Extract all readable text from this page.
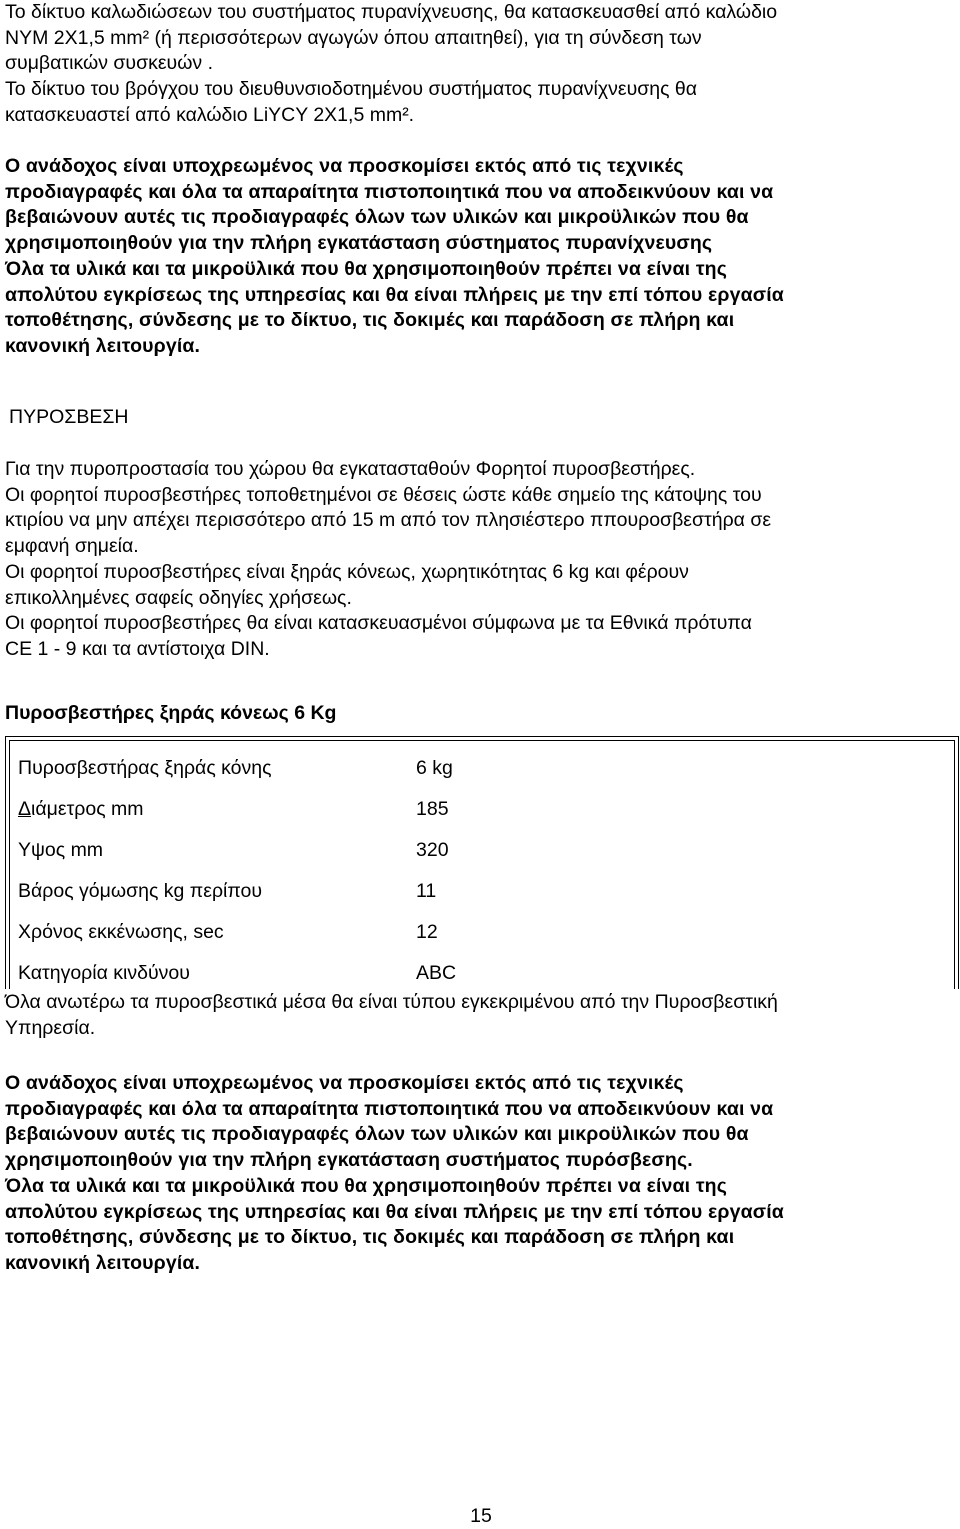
Το δίκτυο καλωδιώσεων του συστήματος πυρανίχνευσης, θα κατασκευασθεί από καλώδιο

NYM 2X1,5 mm² (ή περισσότερων αγωγών όπου απαιτηθεί), για τη σύνδεση των

συμβατικών συσκευών .

Το δίκτυο του βρόγχου του διευθυνσιοδοτημένου συστήματος πυρανίχνευσης θα

κατασκευαστεί από καλώδιο LiYCY 2X1,5 mm².

Ο ανάδοχος είναι υποχρεωμένος να προσκομίσει εκτός από τις τεχνικές

προδιαγραφές και όλα τα απαραίτητα πιστοποιητικά που να αποδεικνύουν και να

βεβαιώνουν αυτές τις προδιαγραφές όλων των υλικών και μικροϋλικών που θα

χρησιμοποιηθούν για την πλήρη εγκατάσταση σύστηματος πυρανίχνευσης

Όλα τα υλικά και τα μικροϋλικά που θα χρησιμοποιηθούν πρέπει να είναι της

απολύτου εγκρίσεως της υπηρεσίας και θα είναι πλήρεις με την επί τόπου εργασία

τοποθέτησης, σύνδεσης με το δίκτυο, τις δοκιμές και παράδοση σε πλήρη και

κανονική λειτουργία.

ΠΥΡΟΣΒΕΣΗ

Για την πυροπροστασία του χώρου θα εγκατασταθούν Φορητοί πυροσβεστήρες.

Οι φορητοί πυροσβεστήρες τοποθετημένοι σε θέσεις ώστε κάθε σημείο της κάτοψης του

κτιρίου να μην απέχει περισσότερο από 15 m από τον πλησιέστερο ππουροσβεστήρα σε

εμφανή σημεία.

Οι φορητοί πυροσβεστήρες είναι ξηράς κόνεως, χωρητικότητας 6 kg και φέρουν

επικολλημένες σαφείς οδηγίες χρήσεως.

Οι φορητοί πυροσβεστήρες θα είναι κατασκευασμένοι σύμφωνα με τα Εθνικά πρότυπα

CE 1 - 9 και τα αντίστοιχα DIN.

Πυροσβεστήρες ξηράς κόνεως 6 Kg
Πυροσβεστήρας ξηράς κόνης	6 kg
Διάμετρος mm	185
Υψος mm	320
Βάρος γόμωσης kg περίπου	11
Χρόνος εκκένωσης, sec	12
Κατηγορία κινδύνου	ABC

Όλα ανωτέρω τα πυροσβεστικά μέσα θα είναι τύπου εγκεκριμένου από την Πυροσβεστική

Υπηρεσία.

Ο ανάδοχος είναι υποχρεωμένος να προσκομίσει εκτός από τις τεχνικές

προδιαγραφές και όλα τα απαραίτητα πιστοποιητικά που να αποδεικνύουν και να

βεβαιώνουν αυτές τις προδιαγραφές όλων των υλικών και μικροϋλικών που θα

χρησιμοποιηθούν για την πλήρη εγκατάσταση συστήματος πυρόσβεσης.

Όλα τα υλικά και τα μικροϋλικά που θα χρησιμοποιηθούν πρέπει να είναι της

απολύτου εγκρίσεως της υπηρεσίας και θα είναι πλήρεις με την επί τόπου εργασία

τοποθέτησης, σύνδεσης με το δίκτυο, τις δοκιμές και παράδοση σε πλήρη και

κανονική λειτουργία.

15
